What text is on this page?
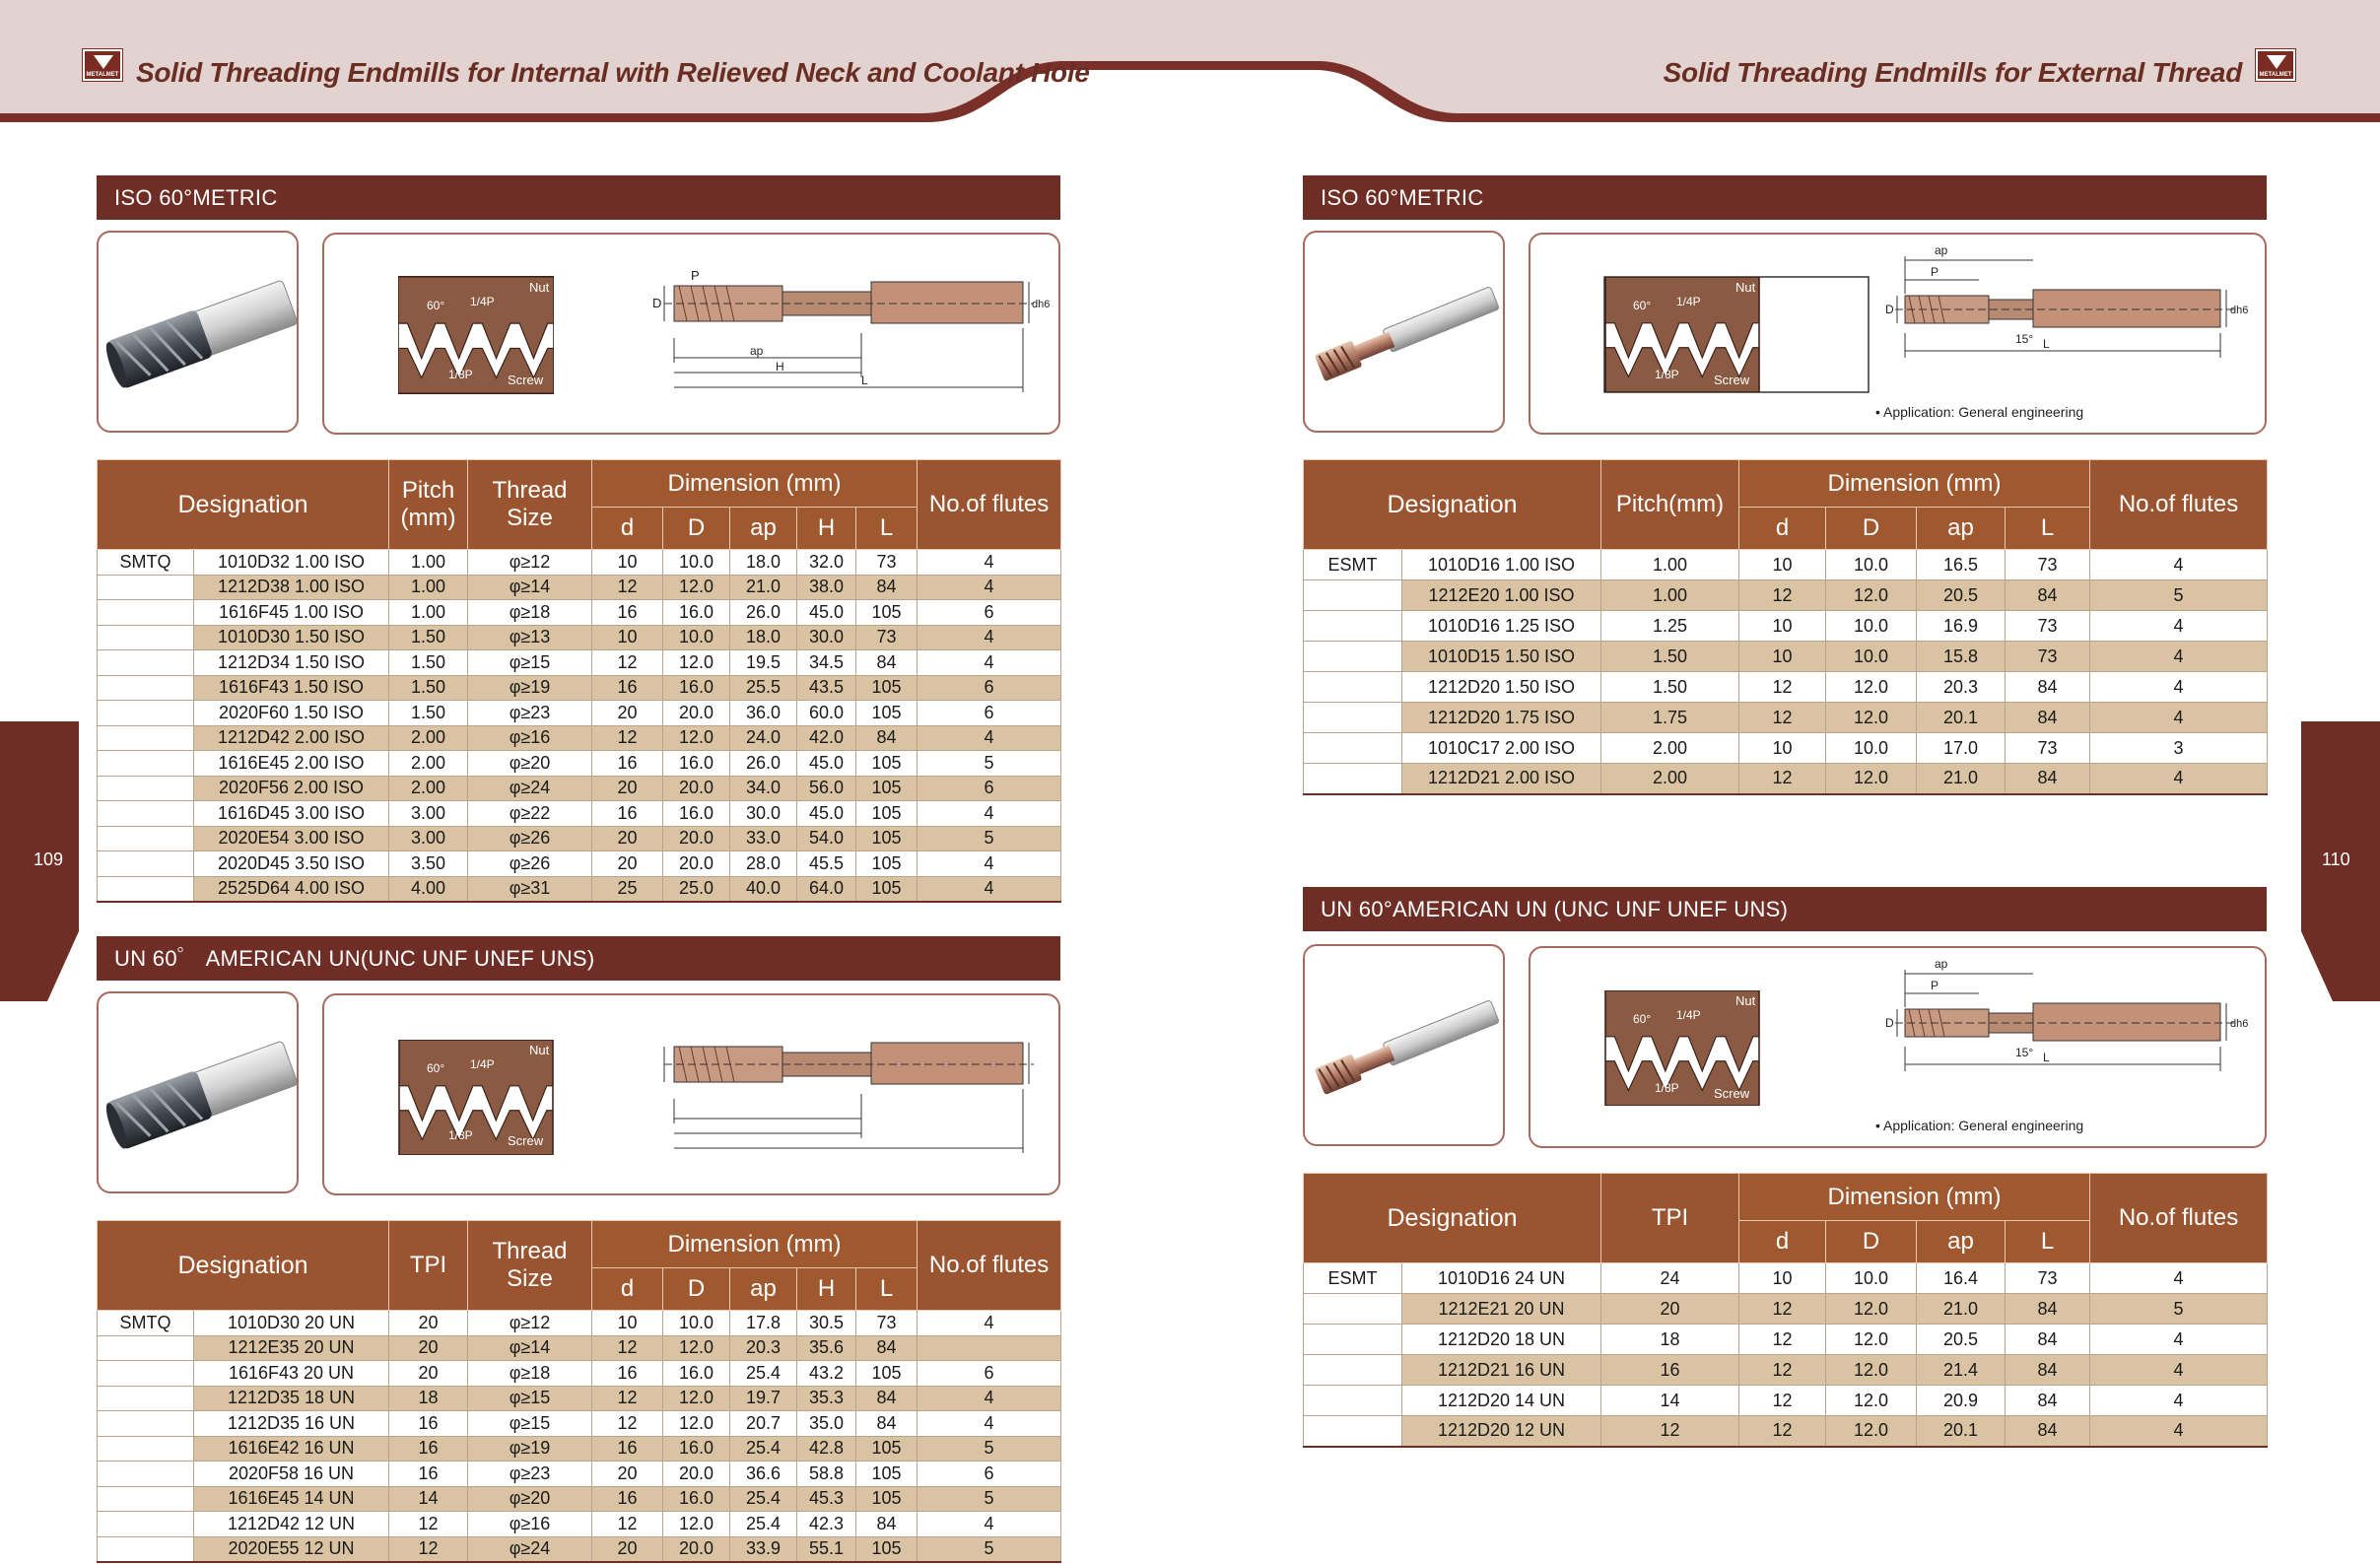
METALMET Solid Threading Endmills for Internal with Relieved Neck and Coolant Hole	Solid Threading Endmills for External Thread	METALMET
109	110
ISO 60°METRIC
Nut
60° 1/4P
1/8P	Screw
P
D
ap
H
L
dh6
Designation		Pitch (mm)	Thread Size	Dimension (mm)					No.of flutes
				d	D	ap	H	L	
SMTQ	1010D32 1.00 ISO	1.00	φ≥12	10	10.0	18.0	32.0	73	4
	1212D38 1.00 ISO	1.00	φ≥14	12	12.0	21.0	38.0	84	4
	1616F45 1.00 ISO	1.00	φ≥18	16	16.0	26.0	45.0	105	6
	1010D30 1.50 ISO	1.50	φ≥13	10	10.0	18.0	30.0	73	4
	1212D34 1.50 ISO	1.50	φ≥15	12	12.0	19.5	34.5	84	4
	1616F43 1.50 ISO	1.50	φ≥19	16	16.0	25.5	43.5	105	6
	2020F60 1.50 ISO	1.50	φ≥23	20	20.0	36.0	60.0	105	6
	1212D42 2.00 ISO	2.00	φ≥16	12	12.0	24.0	42.0	84	4
	1616E45 2.00 ISO	2.00	φ≥20	16	16.0	26.0	45.0	105	5
	2020F56 2.00 ISO	2.00	φ≥24	20	20.0	34.0	56.0	105	6
	1616D45 3.00 ISO	3.00	φ≥22	16	16.0	30.0	45.0	105	4
	2020E54 3.00 ISO	3.00	φ≥26	20	20.0	33.0	54.0	105	5
	2020D45 3.50 ISO	3.50	φ≥26	20	20.0	28.0	45.5	105	4
	2525D64 4.00 ISO	4.00	φ≥31	25	25.0	40.0	64.0	105	4
UN 60゜ AMERICAN UN(UNC UNF UNEF UNS)
Nut
60° 1/4P
1/8P	Screw
Designation		TPI	Thread Size	Dimension (mm)					No.of flutes
				d	D	ap	H	L	
SMTQ	1010D30 20 UN	20	φ≥12	10	10.0	17.8	30.5	73	4
	1212E35 20 UN	20	φ≥14	12	12.0	20.3	35.6	84	
	1616F43 20 UN	20	φ≥18	16	16.0	25.4	43.2	105	6
	1212D35 18 UN	18	φ≥15	12	12.0	19.7	35.3	84	4
	1212D35 16 UN	16	φ≥15	12	12.0	20.7	35.0	84	4
	1616E42 16 UN	16	φ≥19	16	16.0	25.4	42.8	105	5
	2020F58 16 UN	16	φ≥23	20	20.0	36.6	58.8	105	6
	1616E45 14 UN	14	φ≥20	16	16.0	25.4	45.3	105	5
	1212D42 12 UN	12	φ≥16	12	12.0	25.4	42.3	84	4
	2020E55 12 UN	12	φ≥24	20	20.0	33.9	55.1	105	5
ISO 60°METRIC
Nut
60° 1/4P
1/8P	Screw
ap
P
D
15° L
dh6
• Application: General engineering
Designation		Pitch(mm)	Dimension (mm)				No.of flutes
			d	D	ap	L	
ESMT	1010D16 1.00 ISO	1.00	10	10.0	16.5	73	4
	1212E20 1.00 ISO	1.00	12	12.0	20.5	84	5
	1010D16 1.25 ISO	1.25	10	10.0	16.9	73	4
	1010D15 1.50 ISO	1.50	10	10.0	15.8	73	4
	1212D20 1.50 ISO	1.50	12	12.0	20.3	84	4
	1212D20 1.75 ISO	1.75	12	12.0	20.1	84	4
	1010C17 2.00 ISO	2.00	10	10.0	17.0	73	3
	1212D21 2.00 ISO	2.00	12	12.0	21.0	84	4
UN 60°AMERICAN UN (UNC UNF UNEF UNS)
Nut
60° 1/4P
1/8P	Screw
ap
P
D
15° L
dh6
• Application: General engineering
Designation		TPI	Dimension (mm)				No.of flutes
			d	D	ap	L	
ESMT	1010D16 24 UN	24	10	10.0	16.4	73	4
	1212E21 20 UN	20	12	12.0	21.0	84	5
	1212D20 18 UN	18	12	12.0	20.5	84	4
	1212D21 16 UN	16	12	12.0	21.4	84	4
	1212D20 14 UN	14	12	12.0	20.9	84	4
	1212D20 12 UN	12	12	12.0	20.1	84	4
